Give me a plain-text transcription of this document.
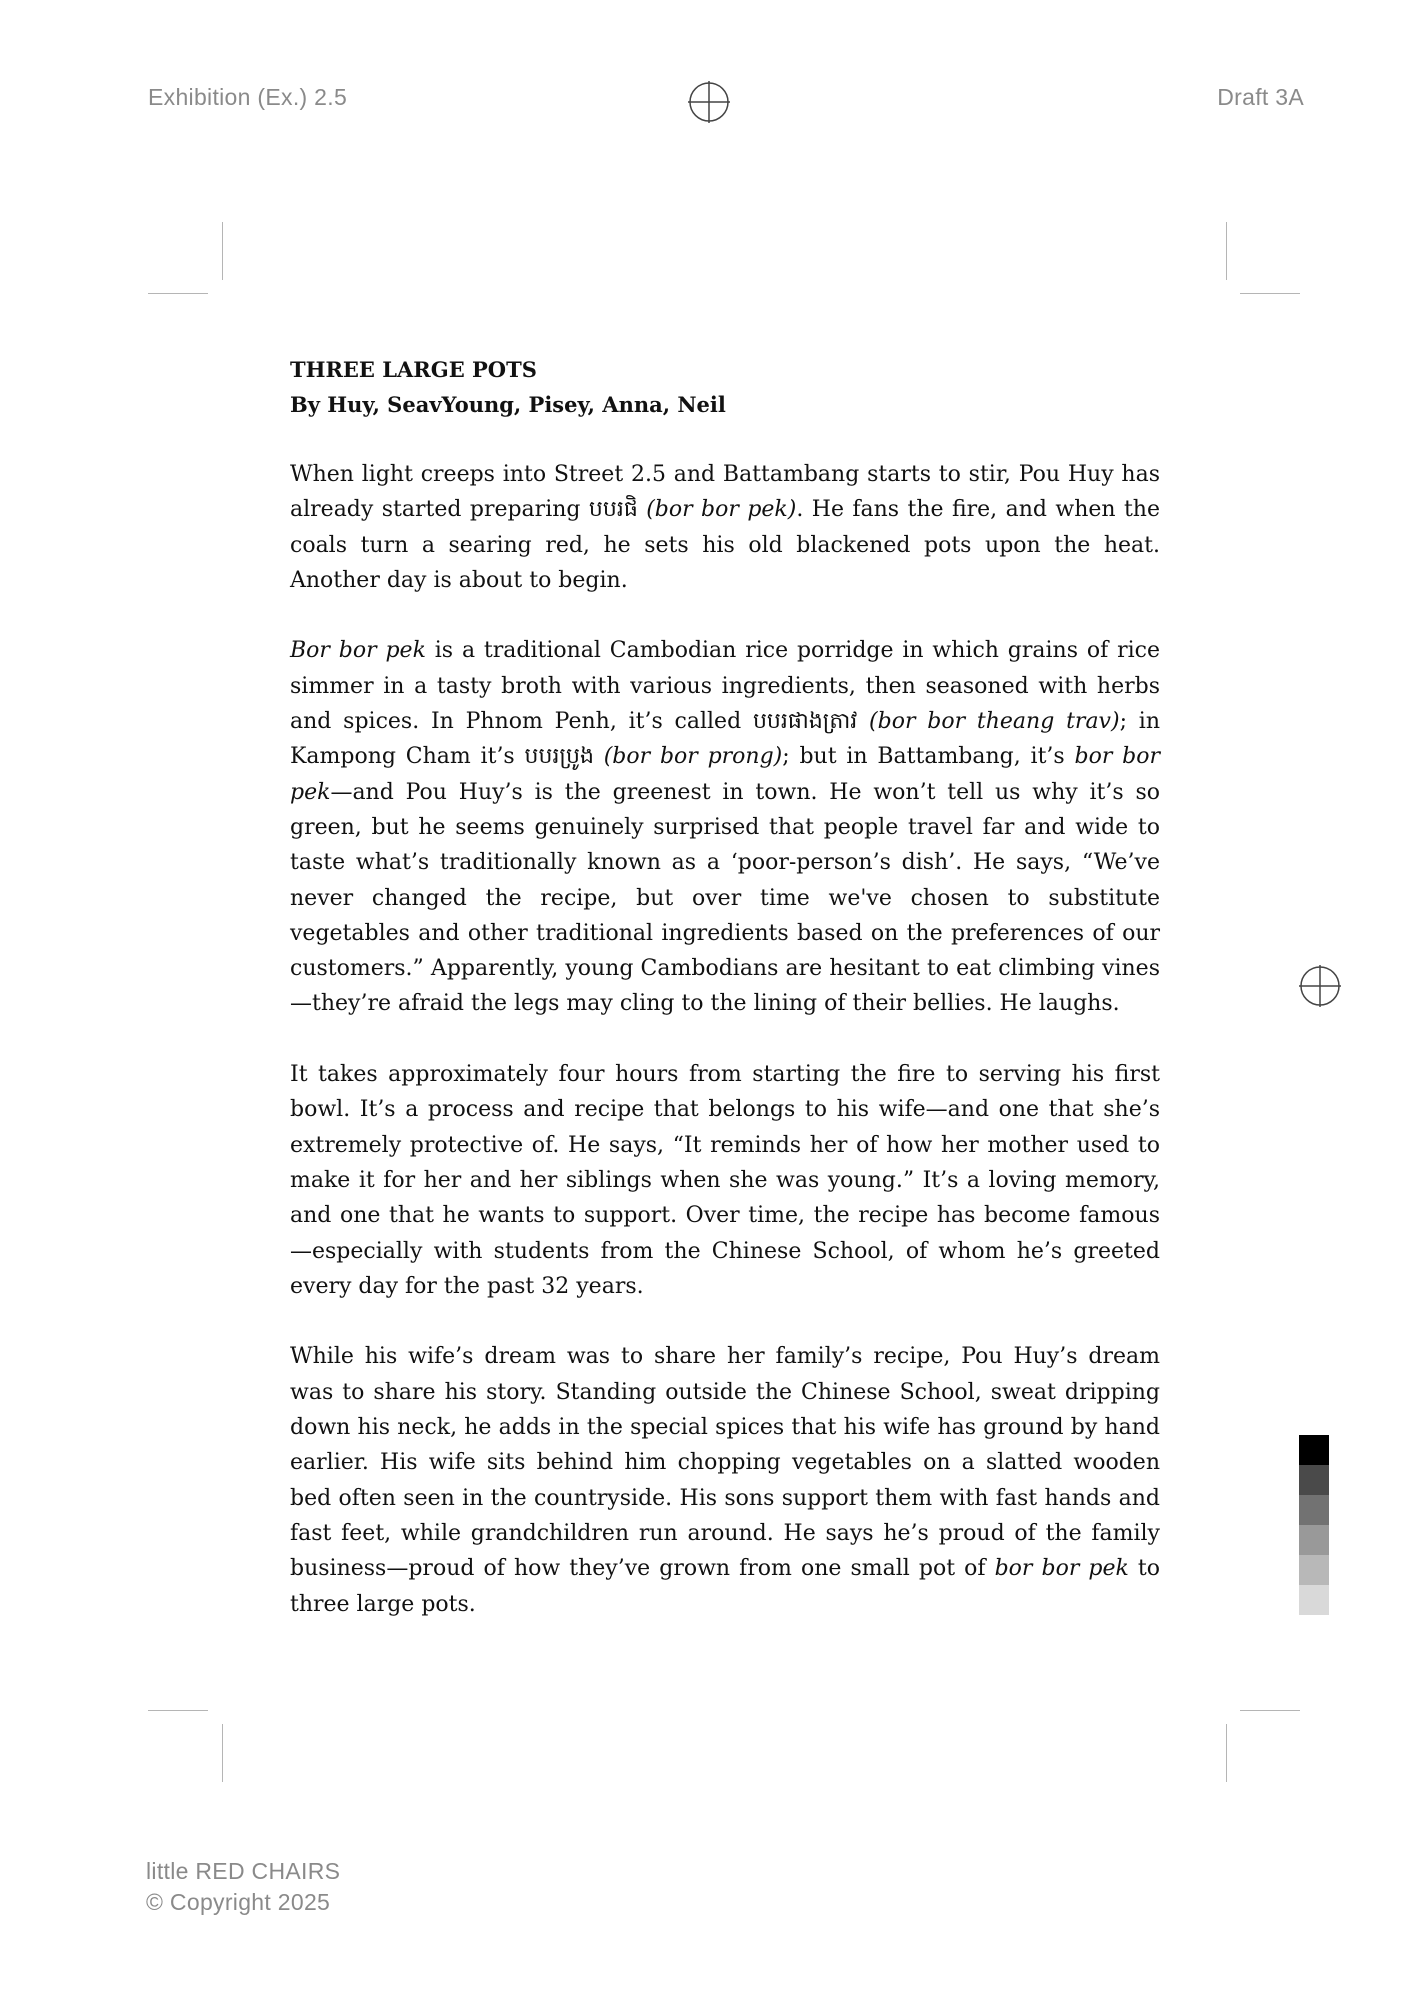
Exhibition (Ex.) 2.5	Draft 3A
THREE LARGE POTS
By Huy, SeavYoung, Pisey, Anna, Neil

When light creeps into Street 2.5 and Battambang starts to stir, Pou Huy has already started preparing បបរផិ (bor bor pek). He fans the fire, and when the coals turn a searing red, he sets his old blackened pots upon the heat. Another day is about to begin.

Bor bor pek is a traditional Cambodian rice porridge in which grains of rice simmer in a tasty broth with various ingredients, then seasoned with herbs and spices. In Phnom Penh, it’s called បបរផាងត្រាវ (bor bor theang trav); in Kampong Cham it’s បបរប្រូង (bor bor prong); but in Battambang, it’s bor bor pek—and Pou Huy’s is the greenest in town. He won’t tell us why it’s so green, but he seems genuinely surprised that people travel far and wide to taste what’s traditionally known as a ‘poor-person’s dish’. He says, “We’ve never changed the recipe, but over time we've chosen to substitute vegetables and other traditional ingredients based on the preferences of our customers.” Apparently, young Cambodians are hesitant to eat climbing vines—they’re afraid the legs may cling to the lining of their bellies. He laughs.

It takes approximately four hours from starting the fire to serving his first bowl. It’s a process and recipe that belongs to his wife—and one that she’s extremely protective of. He says, “It reminds her of how her mother used to make it for her and her siblings when she was young.” It’s a loving memory, and one that he wants to support. Over time, the recipe has become famous—especially with students from the Chinese School, of whom he’s greeted every day for the past 32 years.

While his wife’s dream was to share her family’s recipe, Pou Huy’s dream was to share his story. Standing outside the Chinese School, sweat dripping down his neck, he adds in the special spices that his wife has ground by hand earlier. His wife sits behind him chopping vegetables on a slatted wooden bed often seen in the countryside. His sons support them with fast hands and fast feet, while grandchildren run around. He says he’s proud of the family business—proud of how they’ve grown from one small pot of bor bor pek to three large pots.

little RED CHAIRS
© Copyright 2025
